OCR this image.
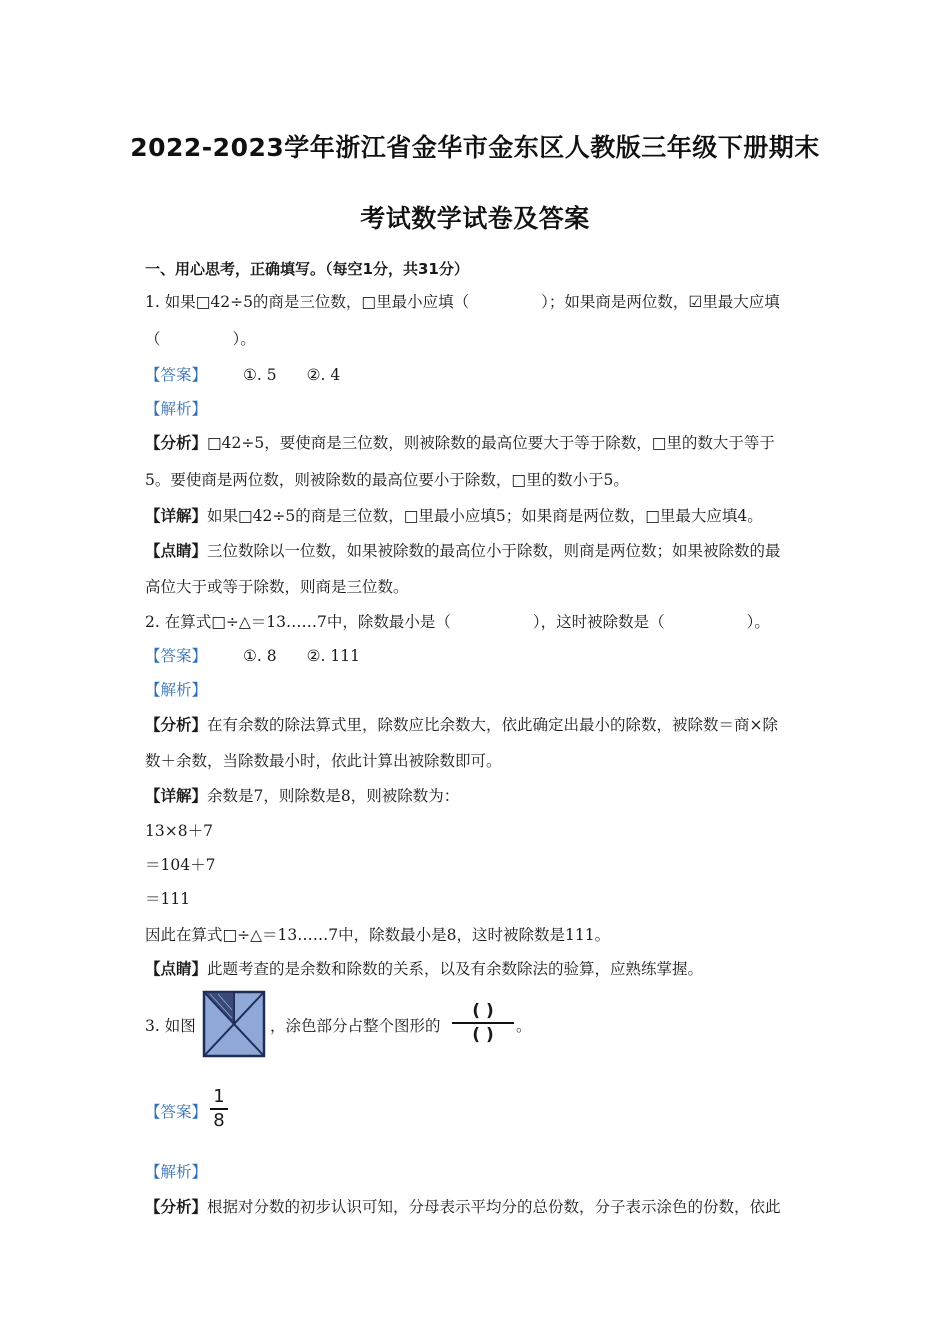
2022-2023学年浙江省金华市金东区人教版三年级下册期末
考试数学试卷及答案
一、用心思考，正确填写。（每空1分，共31分）
1. 如果□42÷5的商是三位数，□里最小应填（	）；如果商是两位数，☑里最大应填
（	）。
【答案】 ①. 5 ②. 4
【解析】
【分析】□42÷5，要使商是三位数，则被除数的最高位要大于等于除数，□里的数大于等于
5。要使商是两位数，则被除数的最高位要小于除数，□里的数小于5。
【详解】如果□42÷5的商是三位数，□里最小应填5；如果商是两位数，□里最大应填4。
【点睛】三位数除以一位数，如果被除数的最高位小于除数，则商是两位数；如果被除数的最
高位大于或等于除数，则商是三位数。
2. 在算式□÷△＝13……7中，除数最小是（	），这时被除数是（	）。
【答案】 ①. 8 ②. 111
【解析】
【分析】在有余数的除法算式里，除数应比余数大，依此确定出最小的除数，被除数＝商×除
数＋余数，当除数最小时，依此计算出被除数即可。
【详解】余数是7，则除数是8，则被除数为：
13×8＋7
＝104＋7
＝111
因此在算式□÷△＝13……7中，除数最小是8，这时被除数是111。
【点睛】此题考查的是余数和除数的关系，以及有余数除法的验算，应熟练掌握。
3. 如图	，涂色部分占整个图形的
( )
( )	。
【答案】
1
8
【解析】
【分析】根据对分数的初步认识可知，分母表示平均分的总份数，分子表示涂色的份数，依此
